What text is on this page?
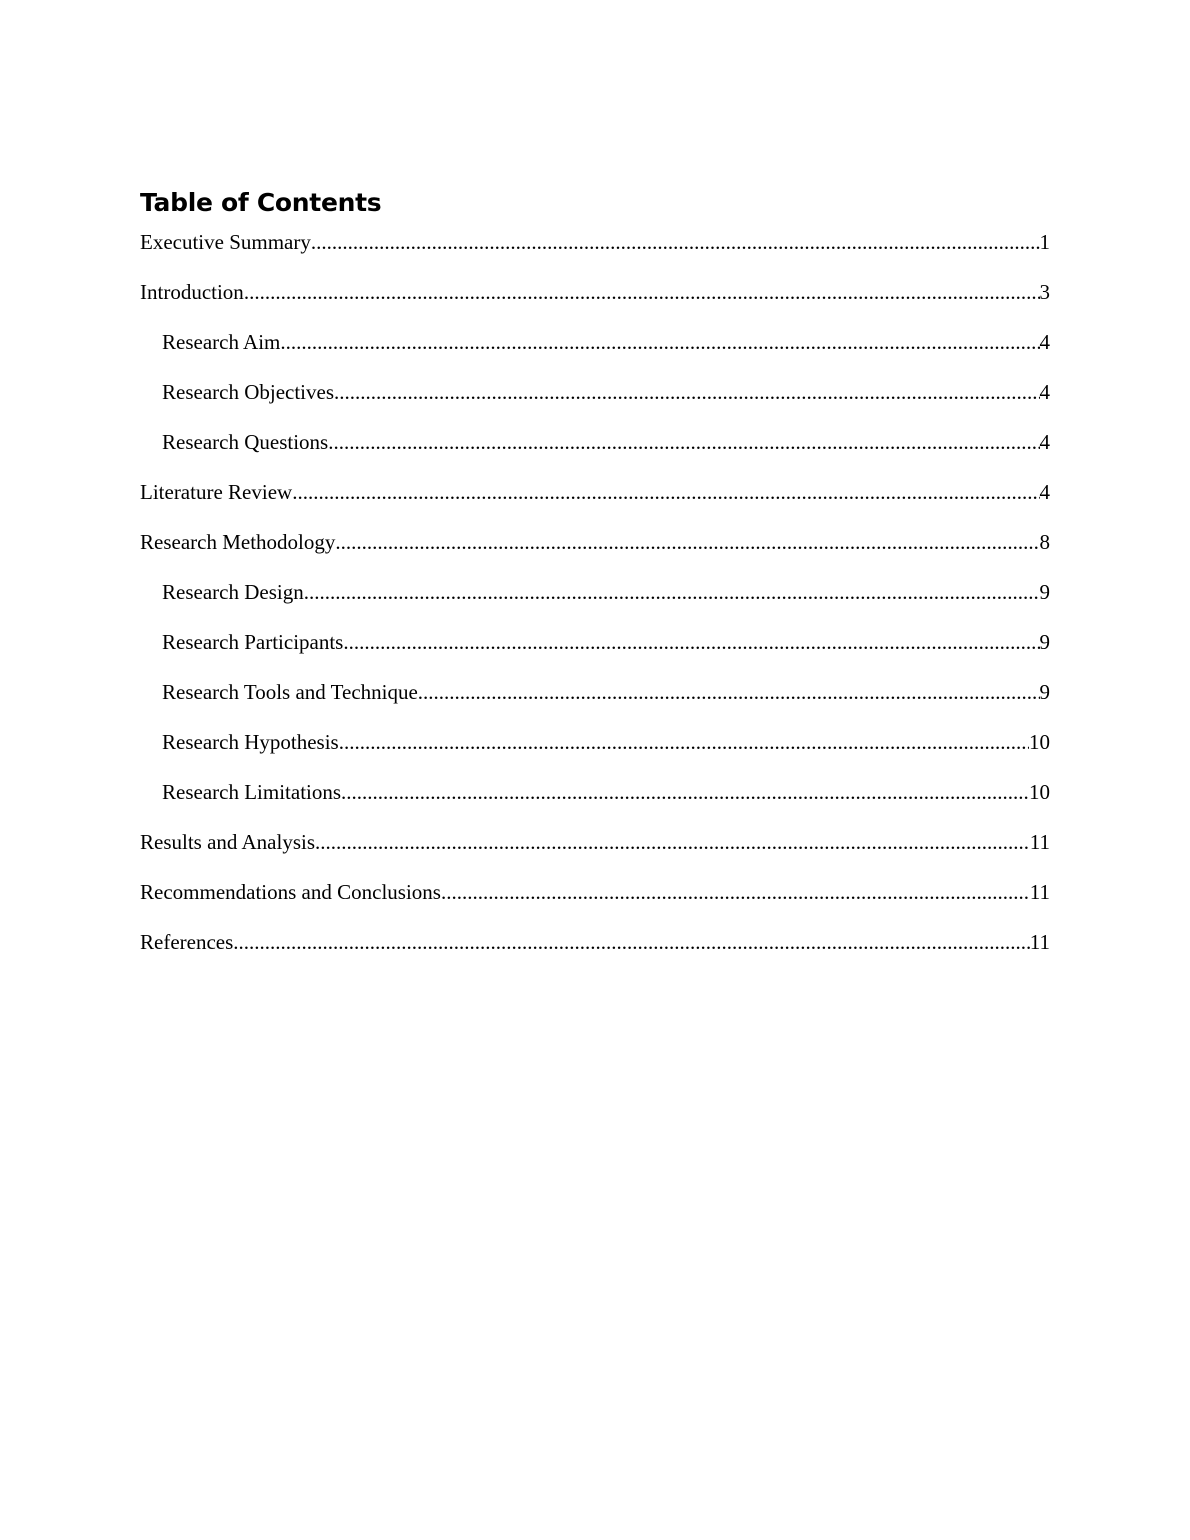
Table of Contents
Executive Summary .....	1
Introduction .....	3
Research Aim .....	4
Research Objectives .....	4
Research Questions .....	4
Literature Review .....	4
Research Methodology .....	8
Research Design .....	9
Research Participants .....	9
Research Tools and Technique .....	9
Research Hypothesis .....	10
Research Limitations .....	10
Results and Analysis .....	11
Recommendations and Conclusions .....	11
References .....	11
